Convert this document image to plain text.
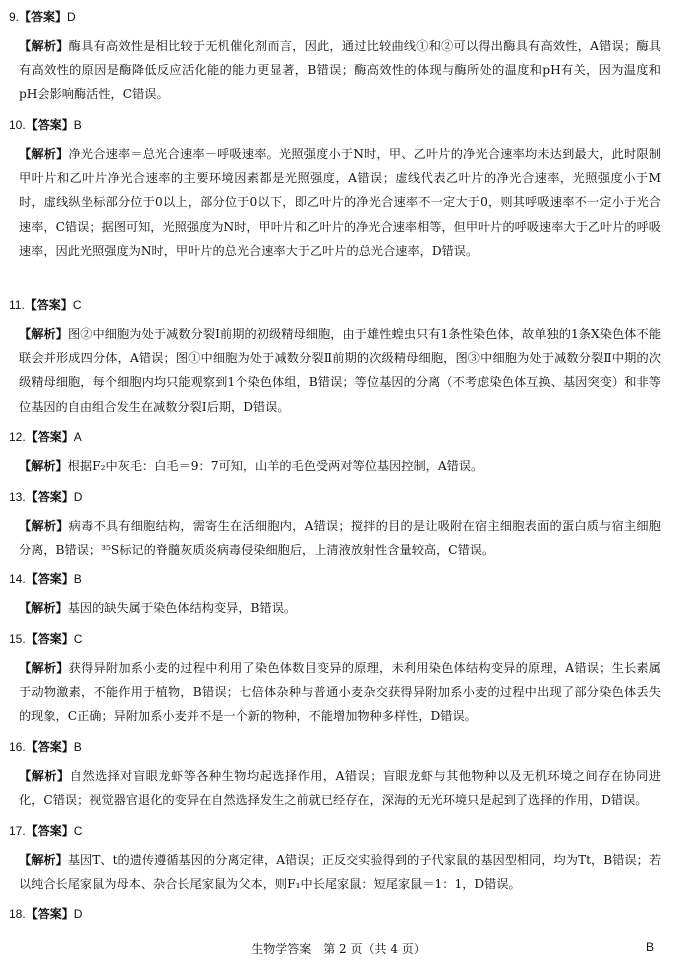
9.【答案】D
【解析】酶具有高效性是相比较于无机催化剂而言，因此，通过比较曲线①和②可以得出酶具有高效性，A错误；酶具有高效性的原因是酶降低反应活化能的能力更显著，B错误；酶高效性的体现与酶所处的温度和pH有关，因为温度和pH会影响酶活性，C错误。
10.【答案】B
【解析】净光合速率＝总光合速率－呼吸速率。光照强度小于N时，甲、乙叶片的净光合速率均未达到最大，此时限制甲叶片和乙叶片净光合速率的主要环境因素都是光照强度，A错误；虚线代表乙叶片的净光合速率，光照强度小于M时，虚线纵坐标部分位于0以上，部分位于0以下，即乙叶片的净光合速率不一定大于0，则其呼吸速率不一定小于光合速率，C错误；据图可知，光照强度为N时，甲叶片和乙叶片的净光合速率相等，但甲叶片的呼吸速率大于乙叶片的呼吸速率，因此光照强度为N时，甲叶片的总光合速率大于乙叶片的总光合速率，D错误。
11.【答案】C
【解析】图②中细胞为处于减数分裂Ⅰ前期的初级精母细胞，由于雄性蝗虫只有1条性染色体，故单独的1条X染色体不能联会并形成四分体，A错误；图①中细胞为处于减数分裂Ⅱ前期的次级精母细胞，图③中细胞为处于减数分裂Ⅱ中期的次级精母细胞，每个细胞内均只能观察到1个染色体组，B错误；等位基因的分离（不考虑染色体互换、基因突变）和非等位基因的自由组合发生在减数分裂Ⅰ后期，D错误。
12.【答案】A
【解析】根据F₂中灰毛：白毛＝9：7可知，山羊的毛色受两对等位基因控制，A错误。
13.【答案】D
【解析】病毒不具有细胞结构，需寄生在活细胞内，A错误；搅拌的目的是让吸附在宿主细胞表面的蛋白质与宿主细胞分离，B错误；³⁵S标记的脊髓灰质炎病毒侵染细胞后，上清液放射性含量较高，C错误。
14.【答案】B
【解析】基因的缺失属于染色体结构变异，B错误。
15.【答案】C
【解析】获得异附加系小麦的过程中利用了染色体数目变异的原理，未利用染色体结构变异的原理，A错误；生长素属于动物激素，不能作用于植物，B错误；七倍体杂种与普通小麦杂交获得异附加系小麦的过程中出现了部分染色体丢失的现象，C正确；异附加系小麦并不是一个新的物种，不能增加物种多样性，D错误。
16.【答案】B
【解析】自然选择对盲眼龙虾等各种生物均起选择作用，A错误；盲眼龙虾与其他物种以及无机环境之间存在协同进化，C错误；视觉器官退化的变异在自然选择发生之前就已经存在，深海的无光环境只是起到了选择的作用，D错误。
17.【答案】C
【解析】基因T、t的遗传遵循基因的分离定律，A错误；正反交实验得到的子代家鼠的基因型相同，均为Tt，B错误；若以纯合长尾家鼠为母本、杂合长尾家鼠为父本，则F₁中长尾家鼠：短尾家鼠＝1：1，D错误。
18.【答案】D
生物学答案　第 2 页（共 4 页）	B
